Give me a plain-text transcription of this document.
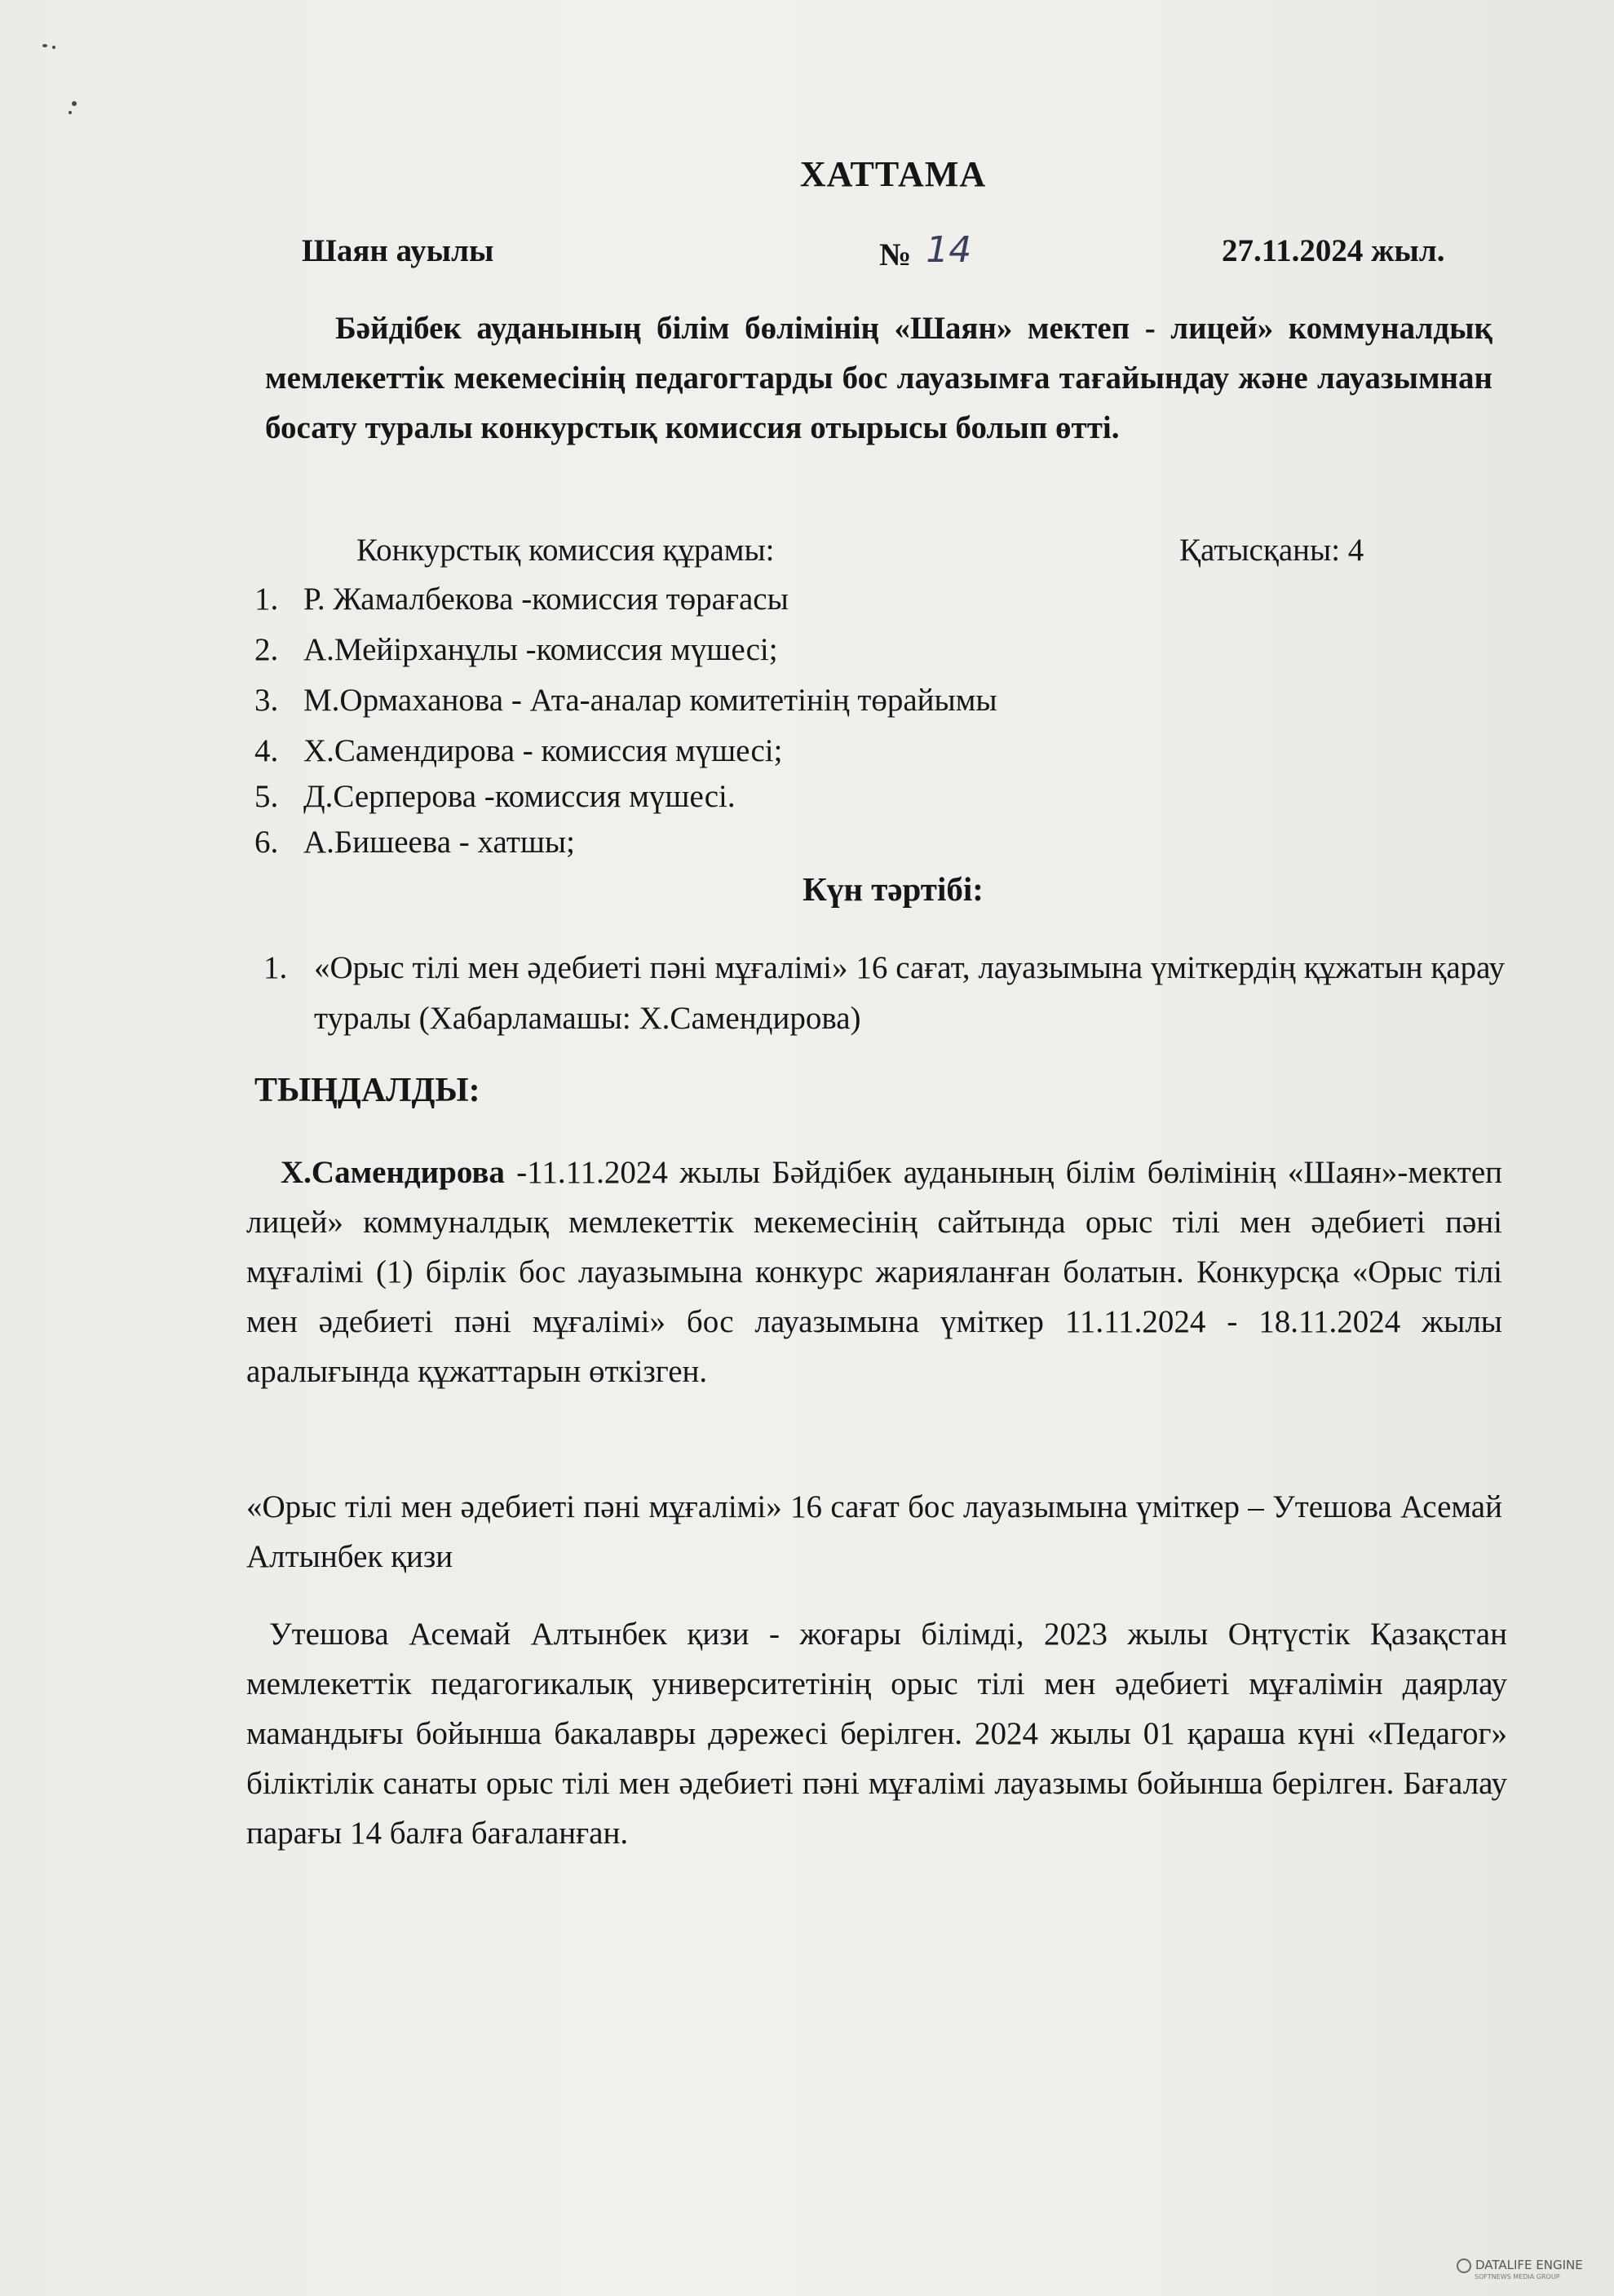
ХАТТАМА
Шаян ауылы	№ 14	27.11.2024 жыл.

Бәйдібек ауданының білім бөлімінің «Шаян» мектеп - лицей» коммуналдық мемлекеттік мекемесінің педагогтарды бос лауазымға тағайындау және лауазымнан босату туралы конкурстық комиссия отырысы болып өтті.

Конкурстық комиссия құрамы:	Қатысқаны: 4
1. Р. Жамалбекова -комиссия төрағасы
2. А.Мейірханұлы -комиссия мүшесі;
3. М.Ормаханова - Ата-аналар комитетінің төрайымы
4. Х.Самендирова - комиссия мүшесі;
5. Д.Серперова -комиссия мүшесі.
6. А.Бишеева - хатшы;
Күн тәртібі:
1. «Орыс тілі мен әдебиеті пәні мұғалімі» 16 сағат, лауазымына үміткердің құжатын қарау туралы (Хабарламашы: Х.Самендирова)
ТЫҢДАЛДЫ:

Х.Самендирова -11.11.2024 жылы Бәйдібек ауданының білім бөлімінің «Шаян»-мектеп лицей» коммуналдық мемлекеттік мекемесінің сайтында орыс тілі мен әдебиеті пәні мұғалімі (1) бірлік бос лауазымына конкурс жарияланған болатын. Конкурсқа «Орыс тілі мен әдебиеті пәні мұғалімі» бос лауазымына үміткер 11.11.2024 - 18.11.2024 жылы аралығында құжаттарын өткізген.

«Орыс тілі мен әдебиеті пәні мұғалімі» 16 сағат бос лауазымына үміткер – Утешова Асемай Алтынбек қизи

Утешова Асемай Алтынбек қизи - жоғары білімді, 2023 жылы Оңтүстік Қазақстан мемлекеттік педагогикалық университетінің орыс тілі мен әдебиеті мұғалімін даярлау мамандығы бойынша бакалавры дәрежесі берілген. 2024 жылы 01 қараша күні «Педагог» біліктілік санаты орыс тілі мен әдебиеті пәні мұғалімі лауазымы бойынша берілген. Бағалау парағы 14 балға бағаланған.

DATALIFE ENGINE
SOFTNEWS MEDIA GROUP
